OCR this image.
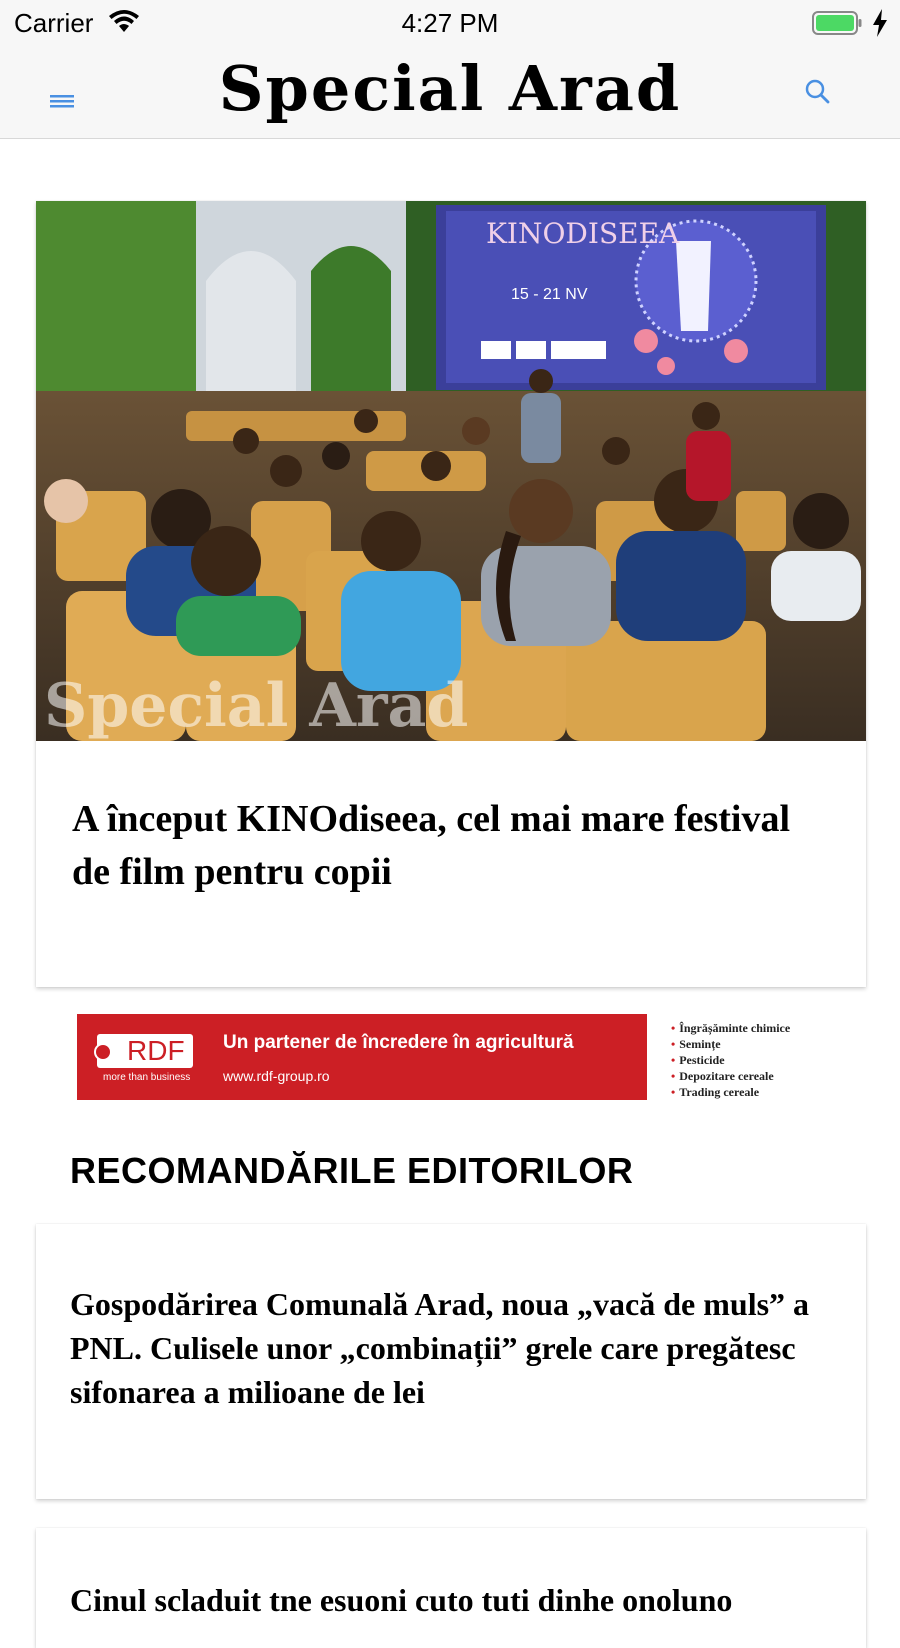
Carrier	4:27 PM
Special Arad
KINODISEEA
15 - 21 NV
Special Arad
A început KINOdiseea, cel mai mare festival de film pentru copii
RDF
more than business
Un partener de încredere în agricultură
www.rdf-group.ro
• Îngrășăminte chimice
• Semințe
• Pesticide
• Depozitare cereale
• Trading cereale
RECOMANDĂRILE EDITORILOR
Gospodărirea Comunală Arad, noua „vacă de muls” a PNL. Culisele unor „combinații” grele care pregătesc sifonarea a milioane de lei
Cinul scladuit tne esuoni cuto tuti dinhe onoluno
